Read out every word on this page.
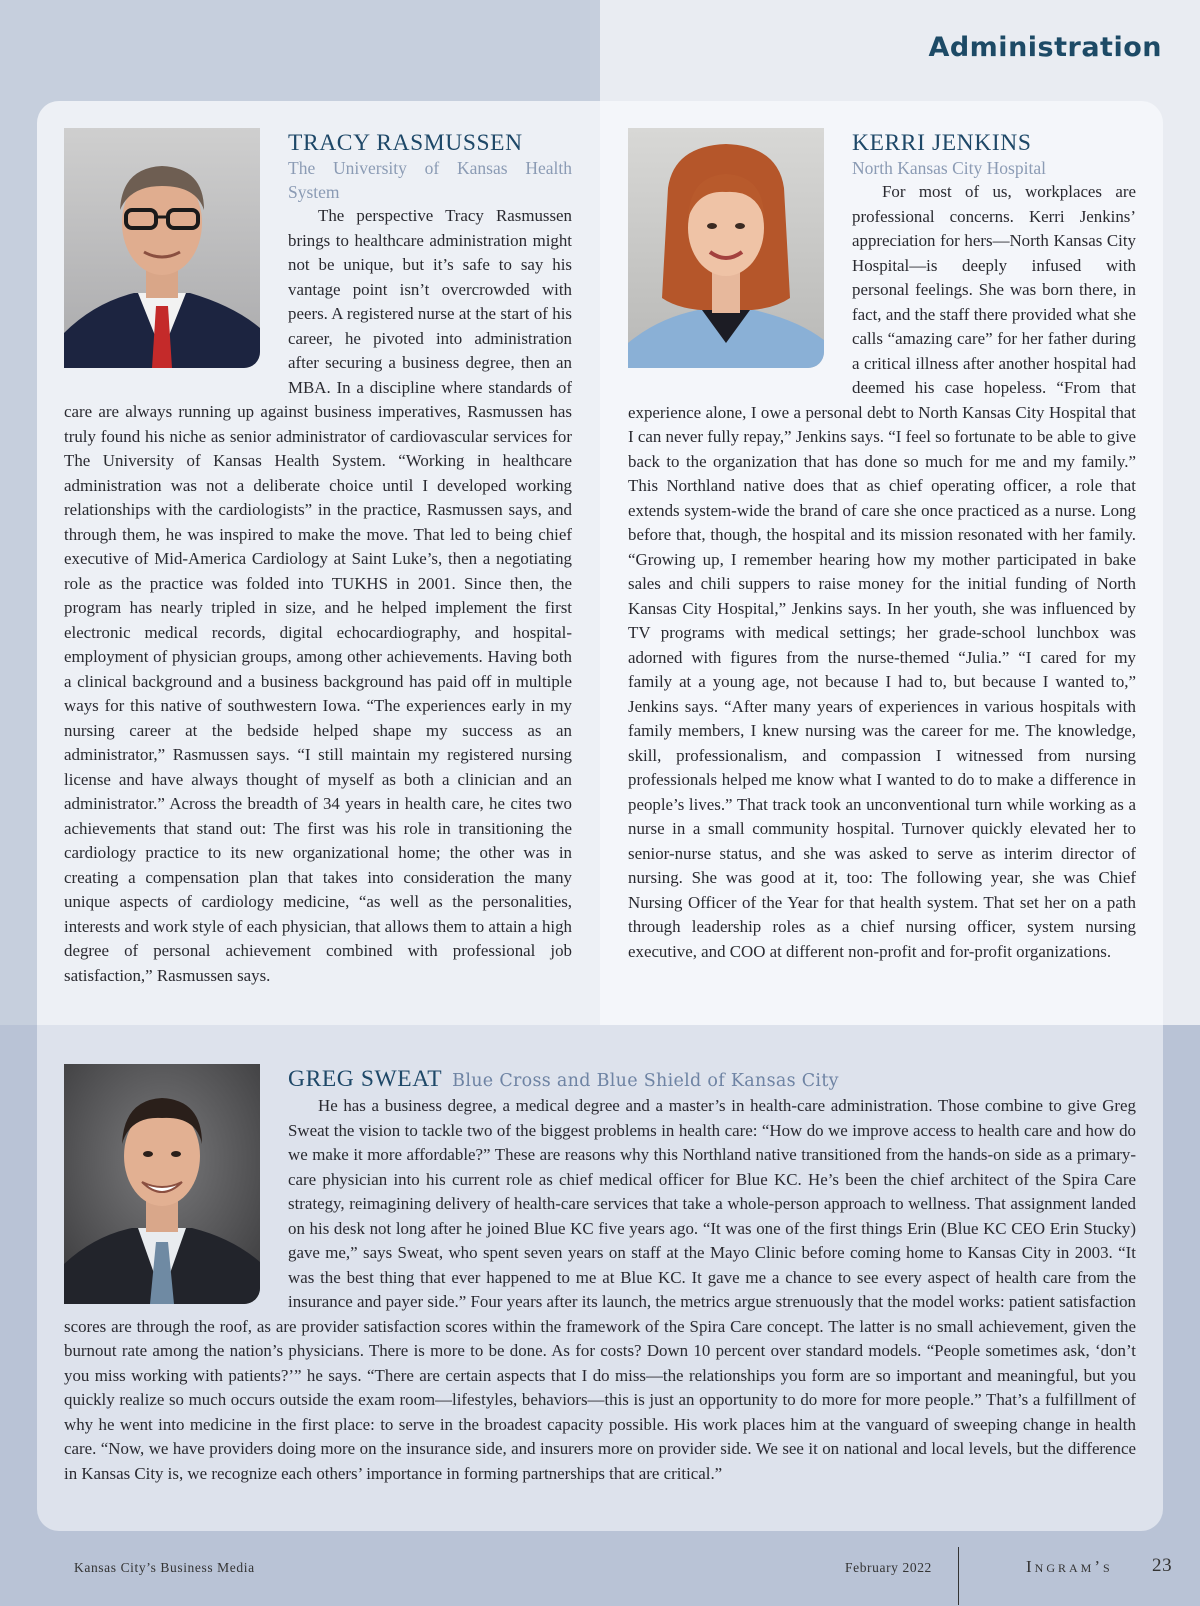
Administration
TRACY RASMUSSEN
The University of Kansas Health System

The perspective Tracy Rasmussen brings to healthcare administration might not be unique, but it’s safe to say his vantage point isn’t overcrowded with peers. A registered nurse at the start of his career, he pivoted into administration after securing a business degree, then an MBA. In a discipline where standards of care are always running up against business imperatives, Rasmussen has truly found his niche as senior administrator of cardiovascular services for The University of Kansas Health System. “Working in healthcare administration was not a deliberate choice until I developed working relationships with the cardiologists” in the practice, Rasmussen says, and through them, he was inspired to make the move. That led to being chief executive of Mid-America Cardiology at Saint Luke’s, then a negotiating role as the practice was folded into TUKHS in 2001. Since then, the program has nearly tripled in size, and he helped implement the first electronic medical records, digital echocardiography, and hospital-employment of physician groups, among other achievements. Having both a clinical background and a business background has paid off in multiple ways for this native of southwestern Iowa. “The experiences early in my nursing career at the bedside helped shape my success as an administrator,” Rasmussen says. “I still maintain my registered nursing license and have always thought of myself as both a clinician and an administrator.” Across the breadth of 34 years in health care, he cites two achievements that stand out: The first was his role in transitioning the cardiology practice to its new organizational home; the other was in creating a compensation plan that takes into consideration the many unique aspects of cardiology medicine, “as well as the personalities, interests and work style of each physician, that allows them to attain a high degree of personal achievement combined with professional job satisfaction,” Rasmussen says.

KERRI JENKINS
North Kansas City Hospital

For most of us, workplaces are professional concerns. Kerri Jenkins’ appreciation for hers—North Kansas City Hospital—is deeply infused with personal feelings. She was born there, in fact, and the staff there provided what she calls “amazing care” for her father during a critical illness after another hospital had deemed his case hopeless. “From that experience alone, I owe a personal debt to North Kansas City Hospital that I can never fully repay,” Jenkins says. “I feel so fortunate to be able to give back to the organization that has done so much for me and my family.” This Northland native does that as chief operating officer, a role that extends system-wide the brand of care she once practiced as a nurse. Long before that, though, the hospital and its mission resonated with her family. “Growing up, I remember hearing how my mother participated in bake sales and chili suppers to raise money for the initial funding of North Kansas City Hospital,” Jenkins says. In her youth, she was influenced by TV programs with medical settings; her grade-school lunchbox was adorned with figures from the nurse-themed “Julia.” “I cared for my family at a young age, not because I had to, but because I wanted to,” Jenkins says. “After many years of experiences in various hospitals with family members, I knew nursing was the career for me. The knowledge, skill, professionalism, and compassion I witnessed from nursing professionals helped me know what I wanted to do to make a difference in people’s lives.” That track took an unconventional turn while working as a nurse in a small community hospital. Turnover quickly elevated her to senior-nurse status, and she was asked to serve as interim director of nursing. She was good at it, too: The following year, she was Chief Nursing Officer of the Year for that health system. That set her on a path through leadership roles as a chief nursing officer, system nursing executive, and COO at different non-profit and for-profit organizations.

GREG SWEAT Blue Cross and Blue Shield of Kansas City

He has a business degree, a medical degree and a master’s in health-care administration. Those combine to give Greg Sweat the vision to tackle two of the biggest problems in health care: “How do we improve access to health care and how do we make it more affordable?” These are reasons why this Northland native transitioned from the hands-on side as a primary-care physician into his current role as chief medical officer for Blue KC. He’s been the chief architect of the Spira Care strategy, reimagining delivery of health-care services that take a whole-person approach to wellness. That assignment landed on his desk not long after he joined Blue KC five years ago. “It was one of the first things Erin (Blue KC CEO Erin Stucky) gave me,” says Sweat, who spent seven years on staff at the Mayo Clinic before coming home to Kansas City in 2003. “It was the best thing that ever happened to me at Blue KC. It gave me a chance to see every aspect of health care from the insurance and payer side.” Four years after its launch, the metrics argue strenuously that the model works: patient satisfaction scores are through the roof, as are provider satisfaction scores within the framework of the Spira Care concept. The latter is no small achievement, given the burnout rate among the nation’s physicians. There is more to be done. As for costs? Down 10 percent over standard models. “People sometimes ask, ‘don’t you miss working with patients?’” he says. “There are certain aspects that I do miss—the relationships you form are so important and meaningful, but you quickly realize so much occurs outside the exam room—lifestyles, behaviors—this is just an opportunity to do more for more people.” That’s a fulfillment of why he went into medicine in the first place: to serve in the broadest capacity possible. His work places him at the vanguard of sweeping change in health care. “Now, we have providers doing more on the insurance side, and insurers more on provider side. We see it on national and local levels, but the difference in Kansas City is, we recognize each others’ importance in forming partnerships that are critical.”

Kansas City’s Business Media	February 2022	Ingram’s 23
